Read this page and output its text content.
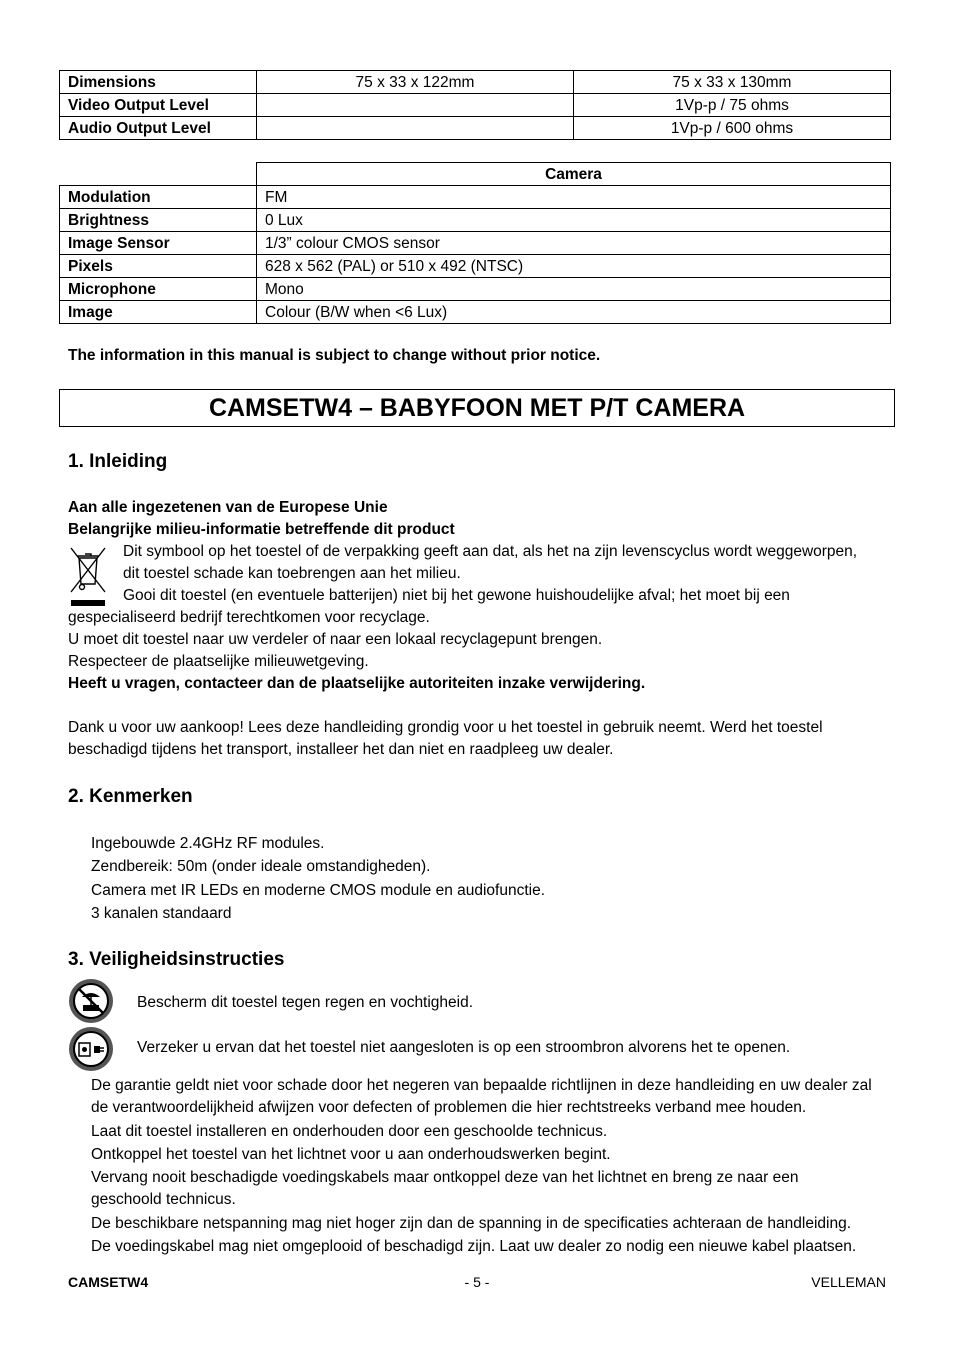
Dimensions	75 x 33 x 122mm	75 x 33 x 130mm
Video Output Level		1Vp-p / 75 ohms
Audio Output Level		1Vp-p / 600 ohms
	Camera
Modulation	FM
Brightness	0 Lux
Image Sensor	1/3” colour CMOS sensor
Pixels	628 x 562 (PAL) or 510 x 492 (NTSC)
Microphone	Mono
Image	Colour (B/W when <6 Lux)
The information in this manual is subject to change without prior notice.
CAMSETW4 – BABYFOON MET P/T CAMERA
1. Inleiding
Aan alle ingezetenen van de Europese Unie
Belangrijke milieu-informatie betreffende dit product
Dit symbool op het toestel of de verpakking geeft aan dat, als het na zijn levenscyclus wordt weggeworpen,
dit toestel schade kan toebrengen aan het milieu.
Gooi dit toestel (en eventuele batterijen) niet bij het gewone huishoudelijke afval; het moet bij een
gespecialiseerd bedrijf terechtkomen voor recyclage.
U moet dit toestel naar uw verdeler of naar een lokaal recyclagepunt brengen.
Respecteer de plaatselijke milieuwetgeving.
Heeft u vragen, contacteer dan de plaatselijke autoriteiten inzake verwijdering.
Dank u voor uw aankoop! Lees deze handleiding grondig voor u het toestel in gebruik neemt. Werd het toestel
beschadigd tijdens het transport, installeer het dan niet en raadpleeg uw dealer.
2. Kenmerken
Ingebouwde 2.4GHz RF modules.
Zendbereik: 50m (onder ideale omstandigheden).
Camera met IR LEDs en moderne CMOS module en audiofunctie.
3 kanalen standaard
3. Veiligheidsinstructies
Bescherm dit toestel tegen regen en vochtigheid.
Verzeker u ervan dat het toestel niet aangesloten is op een stroombron alvorens het te openen.
De garantie geldt niet voor schade door het negeren van bepaalde richtlijnen in deze handleiding en uw dealer zal
de verantwoordelijkheid afwijzen voor defecten of problemen die hier rechtstreeks verband mee houden.
Laat dit toestel installeren en onderhouden door een geschoolde technicus.
Ontkoppel het toestel van het lichtnet voor u aan onderhoudswerken begint.
Vervang nooit beschadigde voedingskabels maar ontkoppel deze van het lichtnet en breng ze naar een
geschoold technicus.
De beschikbare netspanning mag niet hoger zijn dan de spanning in de specificaties achteraan de handleiding.
De voedingskabel mag niet omgeplooid of beschadigd zijn. Laat uw dealer zo nodig een nieuwe kabel plaatsen.
CAMSETW4	- 5 -	VELLEMAN
